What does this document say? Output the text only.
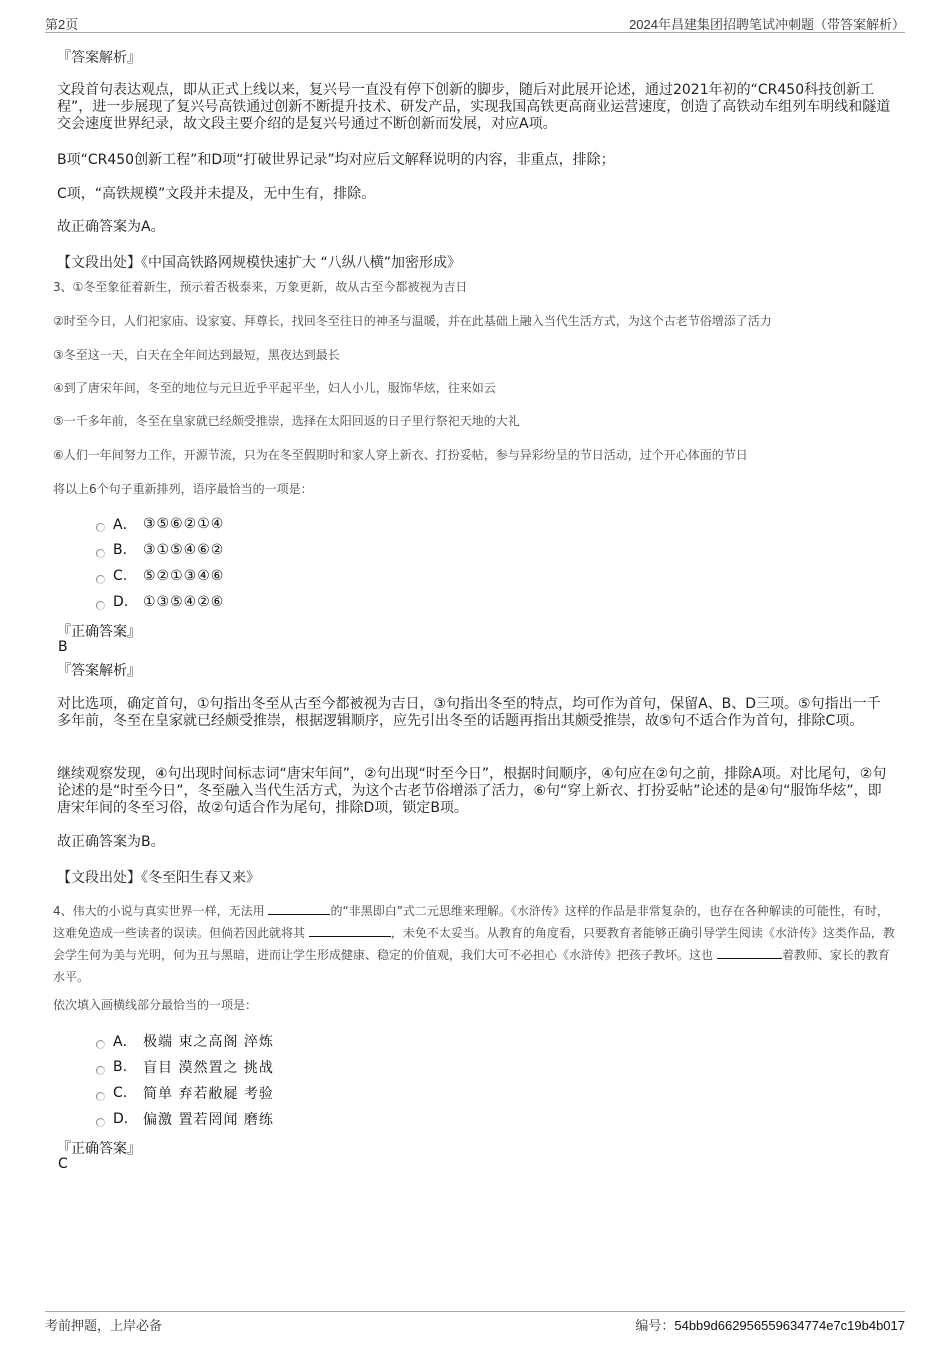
第2页	2024年昌建集团招聘笔试冲刺题（带答案解析）
『答案解析』
文段首句表达观点，即从正式上线以来，复兴号一直没有停下创新的脚步，随后对此展开论述，通过2021年初的“CR450科技创新工程”，进一步展现了复兴号高铁通过创新不断提升技术、研发产品，实现我国高铁更高商业运营速度，创造了高铁动车组列车明线和隧道交会速度世界纪录，故文段主要介绍的是复兴号通过不断创新而发展，对应A项。
B项“CR450创新工程”和D项“打破世界记录”均对应后文解释说明的内容，非重点，排除；
C项，“高铁规模”文段并未提及，无中生有，排除。
故正确答案为A。
【文段出处】《中国高铁路网规模快速扩大 “八纵八横”加密形成》
3、①冬至象征着新生，预示着否极泰来，万象更新，故从古至今都被视为吉日
②时至今日，人们祀家庙、设家宴、拜尊长，找回冬至往日的神圣与温暖，并在此基础上融入当代生活方式，为这个古老节俗增添了活力
③冬至这一天，白天在全年间达到最短，黑夜达到最长
④到了唐宋年间，冬至的地位与元旦近乎平起平坐，妇人小儿，服饰华炫，往来如云
⑤一千多年前，冬至在皇家就已经颇受推崇，选择在太阳回返的日子里行祭祀天地的大礼
⑥人们一年间努力工作，开源节流，只为在冬至假期时和家人穿上新衣、打扮妥帖，参与异彩纷呈的节日活动，过个开心体面的节日
将以上6个句子重新排列，语序最恰当的一项是：
A． ③⑤⑥②①④
B.	③①⑤④⑥②
C.	⑤②①③④⑥
D.	①③⑤④②⑥
『正确答案』
B
『答案解析』
对比选项，确定首句，①句指出冬至从古至今都被视为吉日，③句指出冬至的特点，均可作为首句，保留A、B、D三项。⑤句指出一千多年前，冬至在皇家就已经颇受推崇，根据逻辑顺序，应先引出冬至的话题再指出其颇受推崇，故⑤句不适合作为首句，排除C项。
继续观察发现，④句出现时间标志词“唐宋年间”，②句出现“时至今日”，根据时间顺序，④句应在②句之前，排除A项。对比尾句，②句论述的是“时至今日”，冬至融入当代生活方式，为这个古老节俗增添了活力，⑥句“穿上新衣、打扮妥帖”论述的是④句“服饰华炫”，即唐宋年间的冬至习俗，故②句适合作为尾句，排除D项，锁定B项。
故正确答案为B。
【文段出处】《冬至阳生春又来》
4、伟大的小说与真实世界一样，无法用	的“非黑即白”式二元思维来理解。《水浒传》这样的作品是非常复杂的，也存在各种解读的可能性，有时，这难免造成一些读者的误读。但倘若因此就将其	，未免不太妥当。从教育的角度看，只要教育者能够正确引导学生阅读《水浒传》这类作品，教会学生何为美与光明，何为丑与黑暗，进而让学生形成健康、稳定的价值观，我们大可不必担心《水浒传》把孩子教坏。这也	着教师、家长的教育水平。
依次填入画横线部分最恰当的一项是：
A． 极端 束之高阁 淬炼
B.	盲目 漠然置之 挑战
C.	简单 弃若敝屣 考验
D.	偏激 置若罔闻 磨练
『正确答案』
C
考前押题，上岸必备	编号：54bb9d662956559634774e7c19b4b017
